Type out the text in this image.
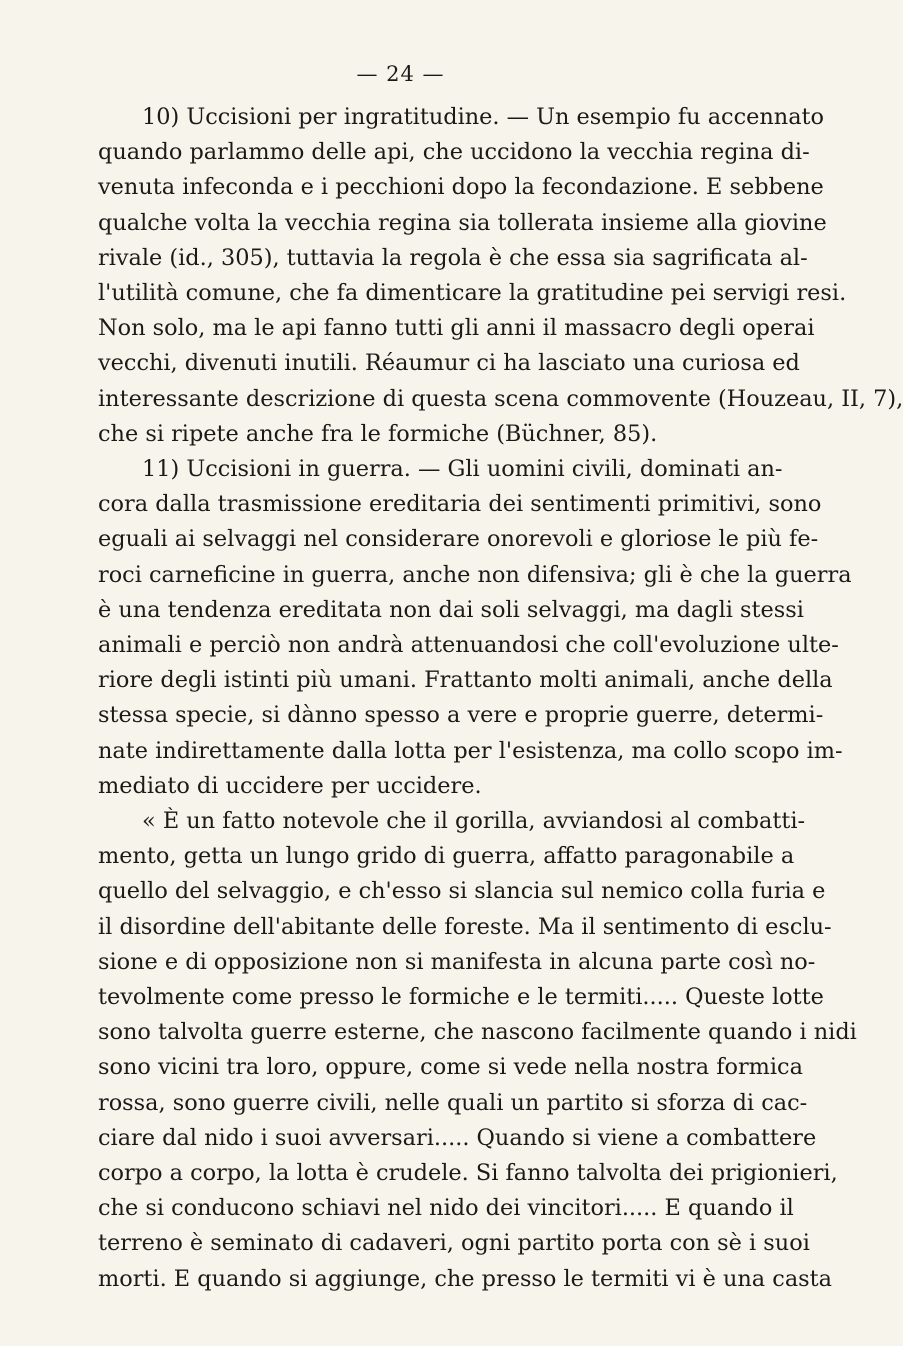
— 24 —
10) Uccisioni per ingratitudine. — Un esempio fu accennato
quando parlammo delle api, che uccidono la vecchia regina di-
venuta infeconda e i pecchioni dopo la fecondazione. E sebbene
qualche volta la vecchia regina sia tollerata insieme alla giovine
rivale (id., 305), tuttavia la regola è che essa sia sagrificata al-
l'utilità comune, che fa dimenticare la gratitudine pei servigi resi.
Non solo, ma le api fanno tutti gli anni il massacro degli operai
vecchi, divenuti inutili. Réaumur ci ha lasciato una curiosa ed
interessante descrizione di questa scena commovente (Houzeau, II, 7),
che si ripete anche fra le formiche (Büchner, 85).
11) Uccisioni in guerra. — Gli uomini civili, dominati an-
cora dalla trasmissione ereditaria dei sentimenti primitivi, sono
eguali ai selvaggi nel considerare onorevoli e gloriose le più fe-
roci carneficine in guerra, anche non difensiva; gli è che la guerra
è una tendenza ereditata non dai soli selvaggi, ma dagli stessi
animali e perciò non andrà attenuandosi che coll'evoluzione ulte-
riore degli istinti più umani. Frattanto molti animali, anche della
stessa specie, si dànno spesso a vere e proprie guerre, determi-
nate indirettamente dalla lotta per l'esistenza, ma collo scopo im-
mediato di uccidere per uccidere.
« È un fatto notevole che il gorilla, avviandosi al combatti-
mento, getta un lungo grido di guerra, affatto paragonabile a
quello del selvaggio, e ch'esso si slancia sul nemico colla furia e
il disordine dell'abitante delle foreste. Ma il sentimento di esclu-
sione e di opposizione non si manifesta in alcuna parte così no-
tevolmente come presso le formiche e le termiti..... Queste lotte
sono talvolta guerre esterne, che nascono facilmente quando i nidi
sono vicini tra loro, oppure, come si vede nella nostra formica
rossa, sono guerre civili, nelle quali un partito si sforza di cac-
ciare dal nido i suoi avversari..... Quando si viene a combattere
corpo a corpo, la lotta è crudele. Si fanno talvolta dei prigionieri,
che si conducono schiavi nel nido dei vincitori..... E quando il
terreno è seminato di cadaveri, ogni partito porta con sè i suoi
morti. E quando si aggiunge, che presso le termiti vi è una casta
